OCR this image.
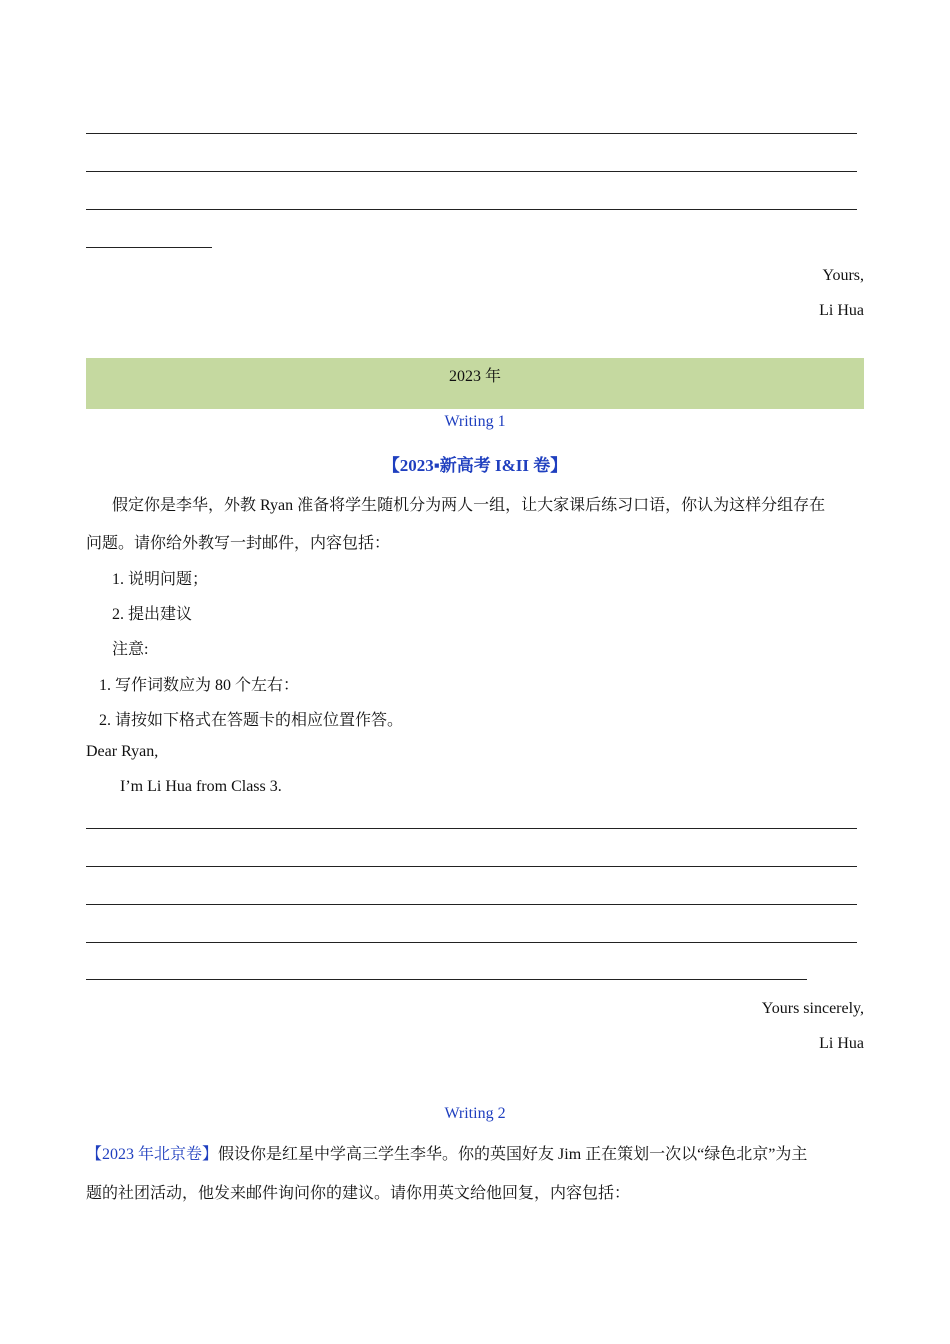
Yours,
Li Hua
2023 年
Writing 1
【2023▪新高考 I&II 卷】
假定你是李华，外教 Ryan 准备将学生随机分为两人一组，让大家课后练习口语，你认为这样分组存在
问题。请你给外教写一封邮件，内容包括：
1. 说明问题；
2. 提出建议
注意:
1. 写作词数应为 80 个左右：
2. 请按如下格式在答题卡的相应位置作答。
Dear Ryan,
I’m Li Hua from Class 3.
Yours sincerely,
Li Hua
Writing 2
【2023 年北京卷】假设你是红星中学高三学生李华。你的英国好友 Jim 正在策划一次以“绿色北京”为主
题的社团活动，他发来邮件询问你的建议。请你用英文给他回复，内容包括：
